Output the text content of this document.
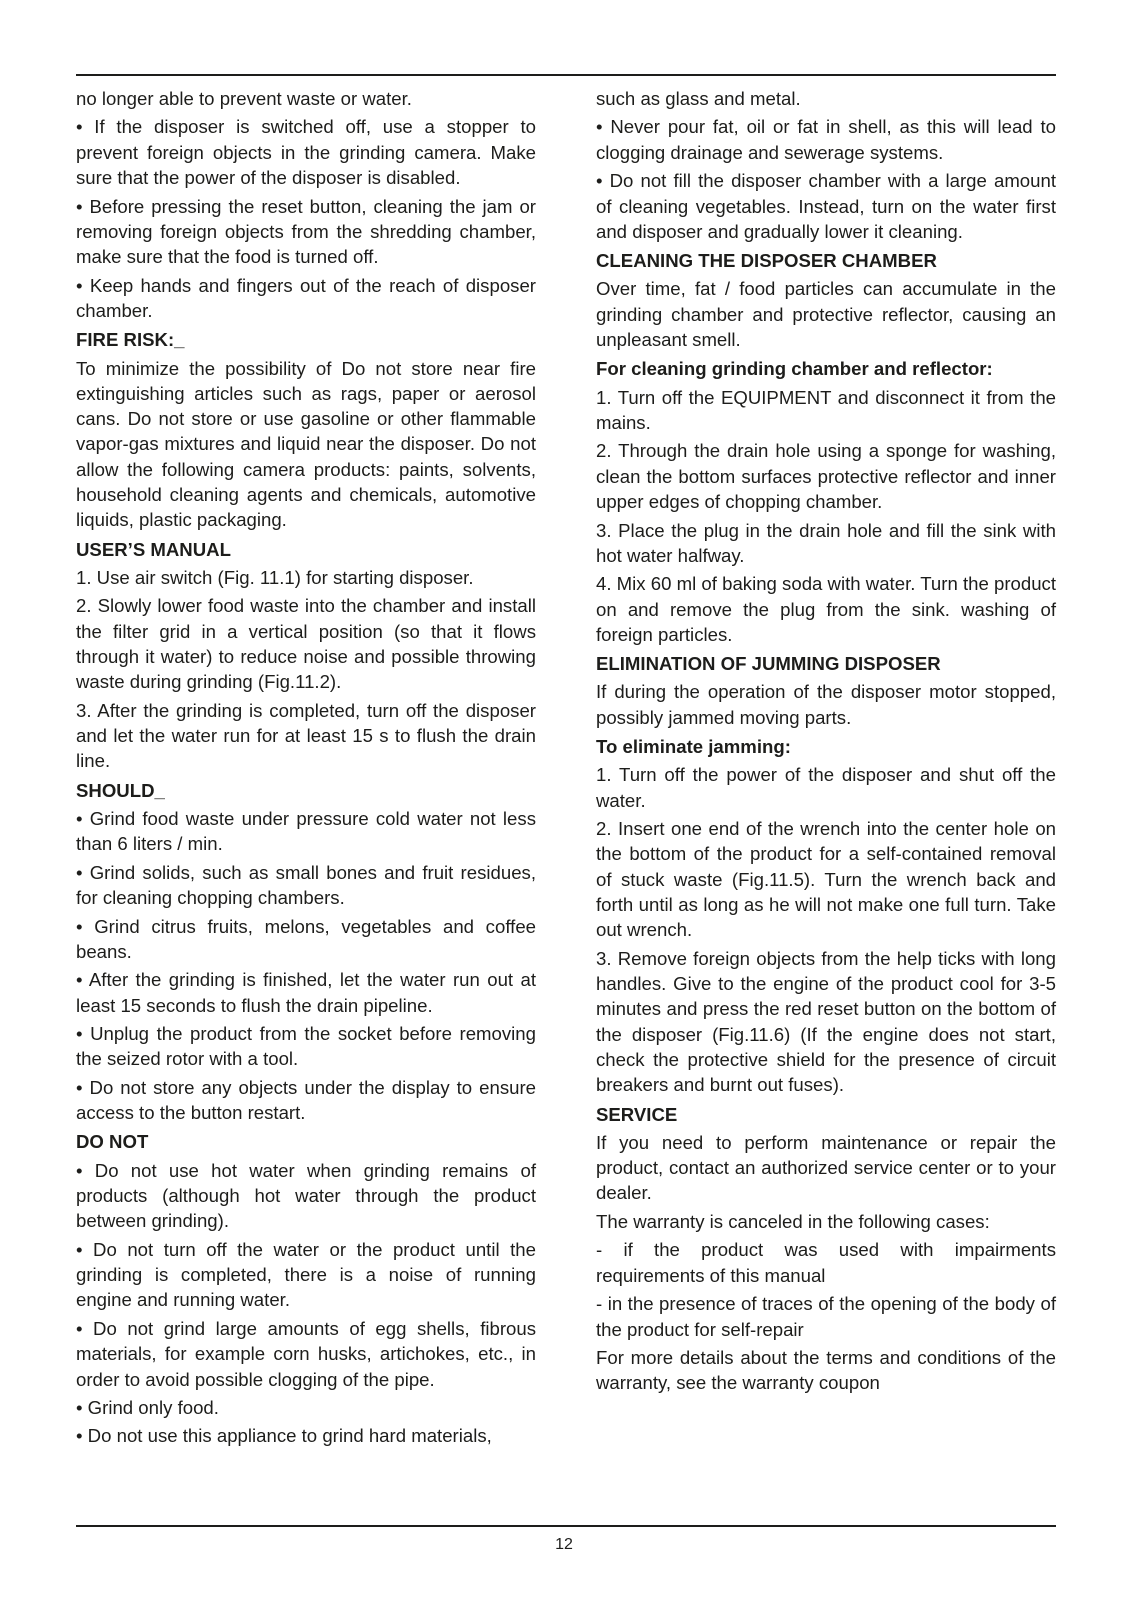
no longer able to prevent waste or water.

• If the disposer is switched off, use a stopper to prevent foreign objects in the grinding camera. Make sure that the power of the disposer is disabled.

• Before pressing the reset button, cleaning the jam or removing foreign objects from the shredding chamber, make sure that the food is turned off.

• Keep hands and fingers out of the reach of disposer chamber.

FIRE RISK:_

To minimize the possibility of Do not store near fire extinguishing articles such as rags, paper or aerosol cans. Do not store or use gasoline or other flammable vapor-gas mixtures and liquid near the disposer. Do not allow the following camera products: paints, solvents, household cleaning agents and chemicals, automotive liquids, plastic packaging.

USER’S MANUAL

1. Use air switch (Fig. 11.1) for starting disposer.

2. Slowly lower food waste into the chamber and install the filter grid in a vertical position (so that it flows through it water) to reduce noise and possible throwing waste during grinding (Fig.11.2).

3. After the grinding is completed, turn off the disposer and let the water run for at least 15 s to flush the drain line.

SHOULD_

• Grind food waste under pressure cold water not less than 6 liters / min.

• Grind solids, such as small bones and fruit residues, for cleaning chopping chambers.

• Grind citrus fruits, melons, vegetables and coffee beans.

• After the grinding is finished, let the water run out at least 15 seconds to flush the drain pipeline.

• Unplug the product from the socket before removing the seized rotor with a tool.

• Do not store any objects under the display to ensure access to the button restart.

DO NOT

• Do not use hot water when grinding remains of products (although hot water through the product between grinding).

• Do not turn off the water or the product until the grinding is completed, there is a noise of running engine and running water.

• Do not grind large amounts of egg shells, fibrous materials, for example corn husks, artichokes, etc., in order to avoid possible clogging of the pipe.

• Grind only food.

• Do not use this appliance to grind hard materials,

such as glass and metal.

• Never pour fat, oil or fat in shell, as this will lead to clogging drainage and sewerage systems.

• Do not fill the disposer chamber with a large amount of cleaning vegetables. Instead, turn on the water first and disposer and gradually lower it cleaning.

CLEANING THE DISPOSER CHAMBER

Over time, fat / food particles can accumulate in the grinding chamber and protective reflector, causing an unpleasant smell.

For cleaning grinding chamber and reflector:

1. Turn off the EQUIPMENT and disconnect it from the mains.

2. Through the drain hole using a sponge for washing, clean the bottom surfaces protective reflector and inner upper edges of chopping chamber.

3. Place the plug in the drain hole and fill the sink with hot water halfway.

4. Mix 60 ml of baking soda with water. Turn the product on and remove the plug from the sink. washing of foreign particles.

ELIMINATION OF JUMMING DISPOSER

If during the operation of the disposer motor stopped, possibly jammed moving parts.

To eliminate jamming:

1. Turn off the power of the disposer and shut off the water.

2. Insert one end of the wrench into the center hole on the bottom of the product for a self-contained removal of stuck waste (Fig.11.5). Turn the wrench back and forth until as long as he will not make one full turn. Take out wrench.

3. Remove foreign objects from the help ticks with long handles. Give to the engine of the product cool for 3-5 minutes and press the red reset button on the bottom of the disposer (Fig.11.6) (If the engine does not start, check the protective shield for the presence of circuit breakers and burnt out fuses).

SERVICE

If you need to perform maintenance or repair the product, contact an authorized service center or to your dealer.

The warranty is canceled in the following cases:

- if the product was used with impairments requirements of this manual

- in the presence of traces of the opening of the body of the product for self-repair

For more details about the terms and conditions of the warranty, see the warranty coupon

12
